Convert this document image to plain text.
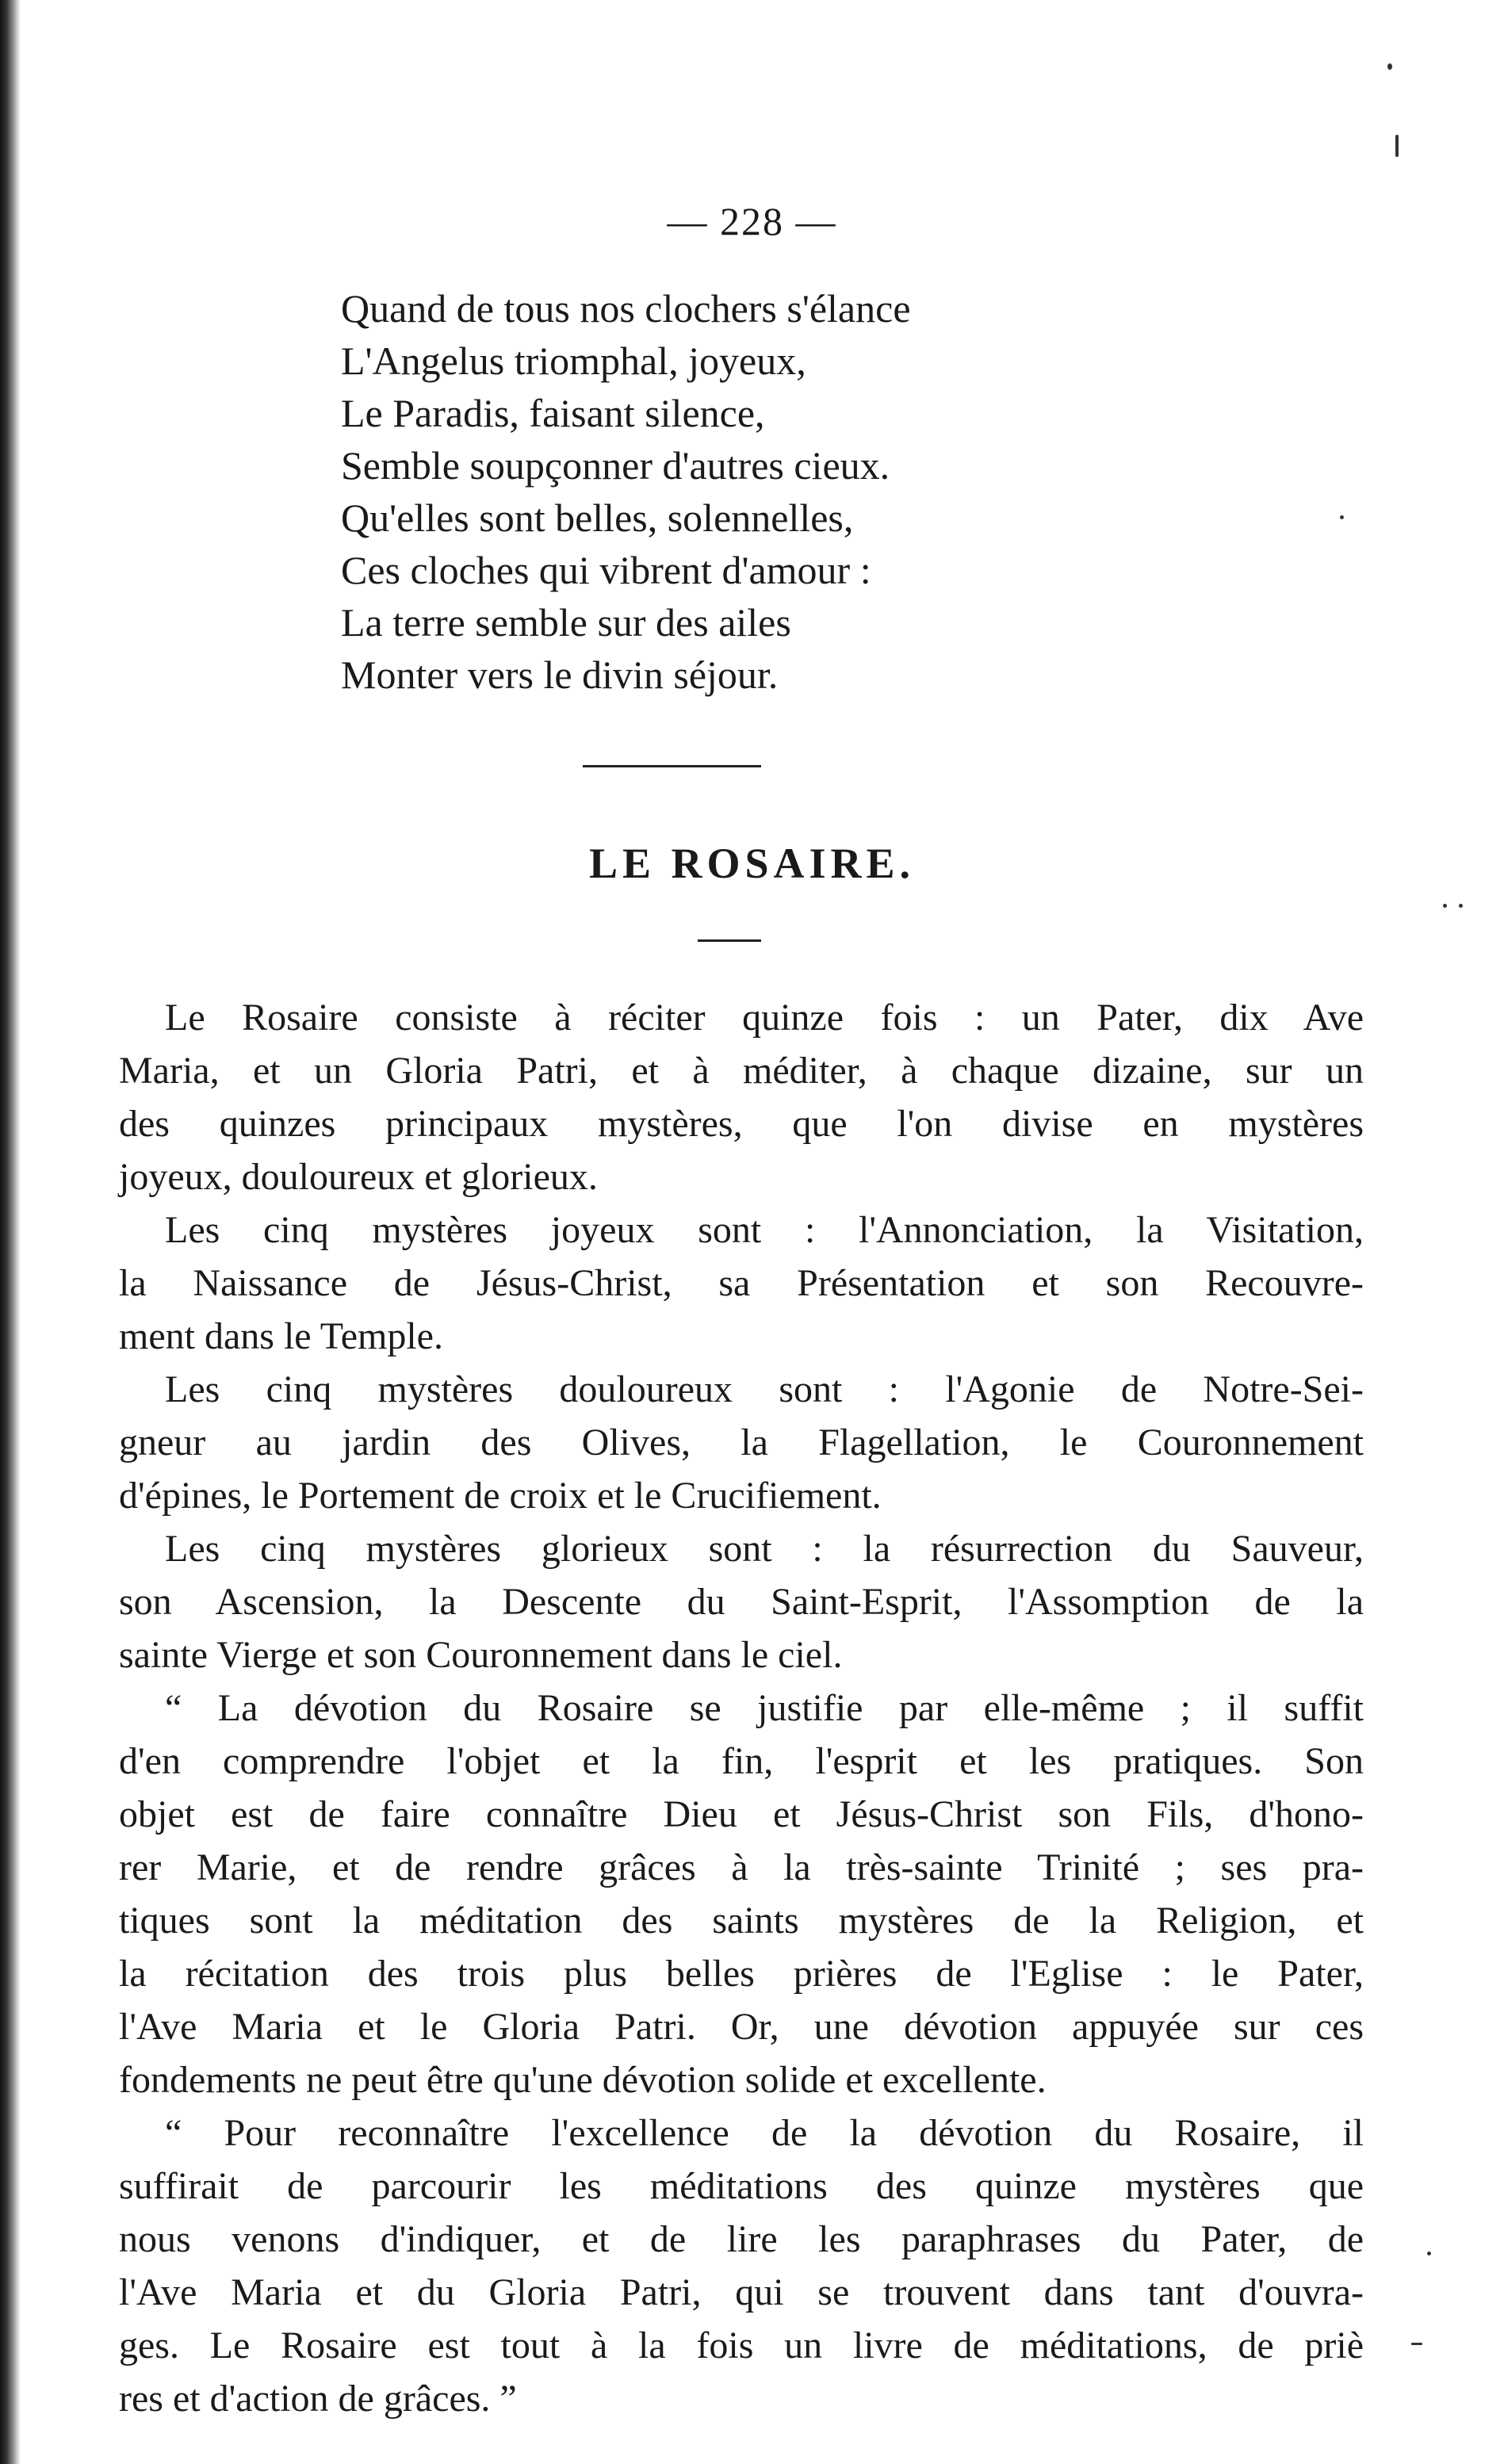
— 228 —
Quand de tous nos clochers s'élance
L'Angelus triomphal, joyeux,
Le Paradis, faisant silence,
Semble soupçonner d'autres cieux.
Qu'elles sont belles, solennelles,
Ces cloches qui vibrent d'amour :
La terre semble sur des ailes
Monter vers le divin séjour.
LE ROSAIRE.

Le Rosaire consiste à réciter quinze fois : un Pater, dix Ave
Maria, et un Gloria Patri, et à méditer, à chaque dizaine, sur un
des quinzes principaux mystères, que l'on divise en mystères
joyeux, douloureux et glorieux.

Les cinq mystères joyeux sont : l'Annonciation, la Visitation,
la Naissance de Jésus-Christ, sa Présentation et son Recouvre-
ment dans le Temple.

Les cinq mystères douloureux sont : l'Agonie de Notre-Sei-
gneur au jardin des Olives, la Flagellation, le Couronnement
d'épines, le Portement de croix et le Crucifiement.

Les cinq mystères glorieux sont : la résurrection du Sauveur,
son Ascension, la Descente du Saint-Esprit, l'Assomption de la
sainte Vierge et son Couronnement dans le ciel.

“ La dévotion du Rosaire se justifie par elle-même ; il suffit
d'en comprendre l'objet et la fin, l'esprit et les pratiques. Son
objet est de faire connaître Dieu et Jésus-Christ son Fils, d'hono-
rer Marie, et de rendre grâces à la très-sainte Trinité ; ses pra-
tiques sont la méditation des saints mystères de la Religion, et
la récitation des trois plus belles prières de l'Eglise : le Pater,
l'Ave Maria et le Gloria Patri. Or, une dévotion appuyée sur ces
fondements ne peut être qu'une dévotion solide et excellente.

“ Pour reconnaître l'excellence de la dévotion du Rosaire, il
suffirait de parcourir les méditations des quinze mystères que
nous venons d'indiquer, et de lire les paraphrases du Pater, de
l'Ave Maria et du Gloria Patri, qui se trouvent dans tant d'ouvra-
ges. Le Rosaire est tout à la fois un livre de méditations, de priè
res et d'action de grâces. ”
